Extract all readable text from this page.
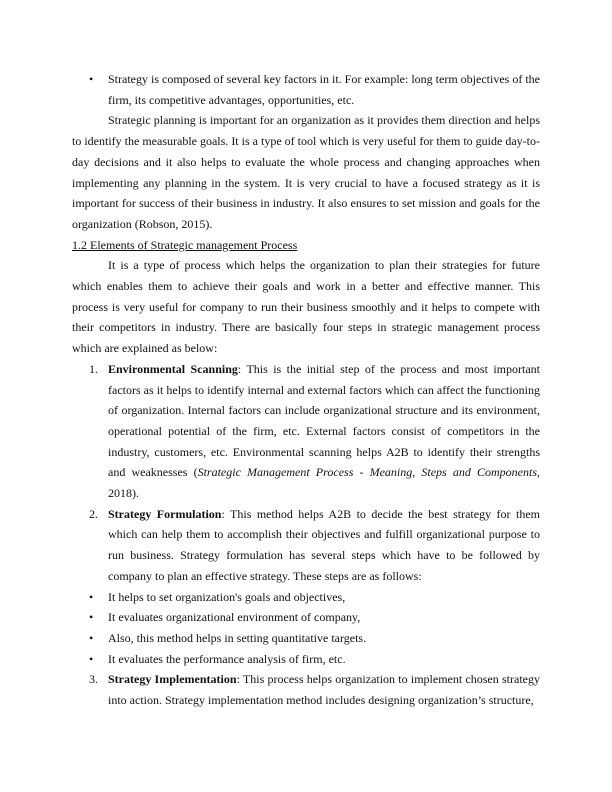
• Strategy is composed of several key factors in it. For example: long term objectives of the firm, its competitive advantages, opportunities, etc.

Strategic planning is important for an organization as it provides them direction and helps to identify the measurable goals. It is a type of tool which is very useful for them to guide day-to-day decisions and it also helps to evaluate the whole process and changing approaches when implementing any planning in the system. It is very crucial to have a focused strategy as it is important for success of their business in industry. It also ensures to set mission and goals for the organization (Robson, 2015).

1.2 Elements of Strategic management Process

It is a type of process which helps the organization to plan their strategies for future which enables them to achieve their goals and work in a better and effective manner. This process is very useful for company to run their business smoothly and it helps to compete with their competitors in industry. There are basically four steps in strategic management process which are explained as below:

1. Environmental Scanning: This is the initial step of the process and most important factors as it helps to identify internal and external factors which can affect the functioning of organization. Internal factors can include organizational structure and its environment, operational potential of the firm, etc. External factors consist of competitors in the industry, customers, etc. Environmental scanning helps A2B to identify their strengths and weaknesses (Strategic Management Process - Meaning, Steps and Components, 2018).
2. Strategy Formulation: This method helps A2B to decide the best strategy for them which can help them to accomplish their objectives and fulfill organizational purpose to run business. Strategy formulation has several steps which have to be followed by company to plan an effective strategy. These steps are as follows:
• It helps to set organization's goals and objectives,
• It evaluates organizational environment of company,
• Also, this method helps in setting quantitative targets.
• It evaluates the performance analysis of firm, etc.
3. Strategy Implementation: This process helps organization to implement chosen strategy into action. Strategy implementation method includes designing organization’s structure,
